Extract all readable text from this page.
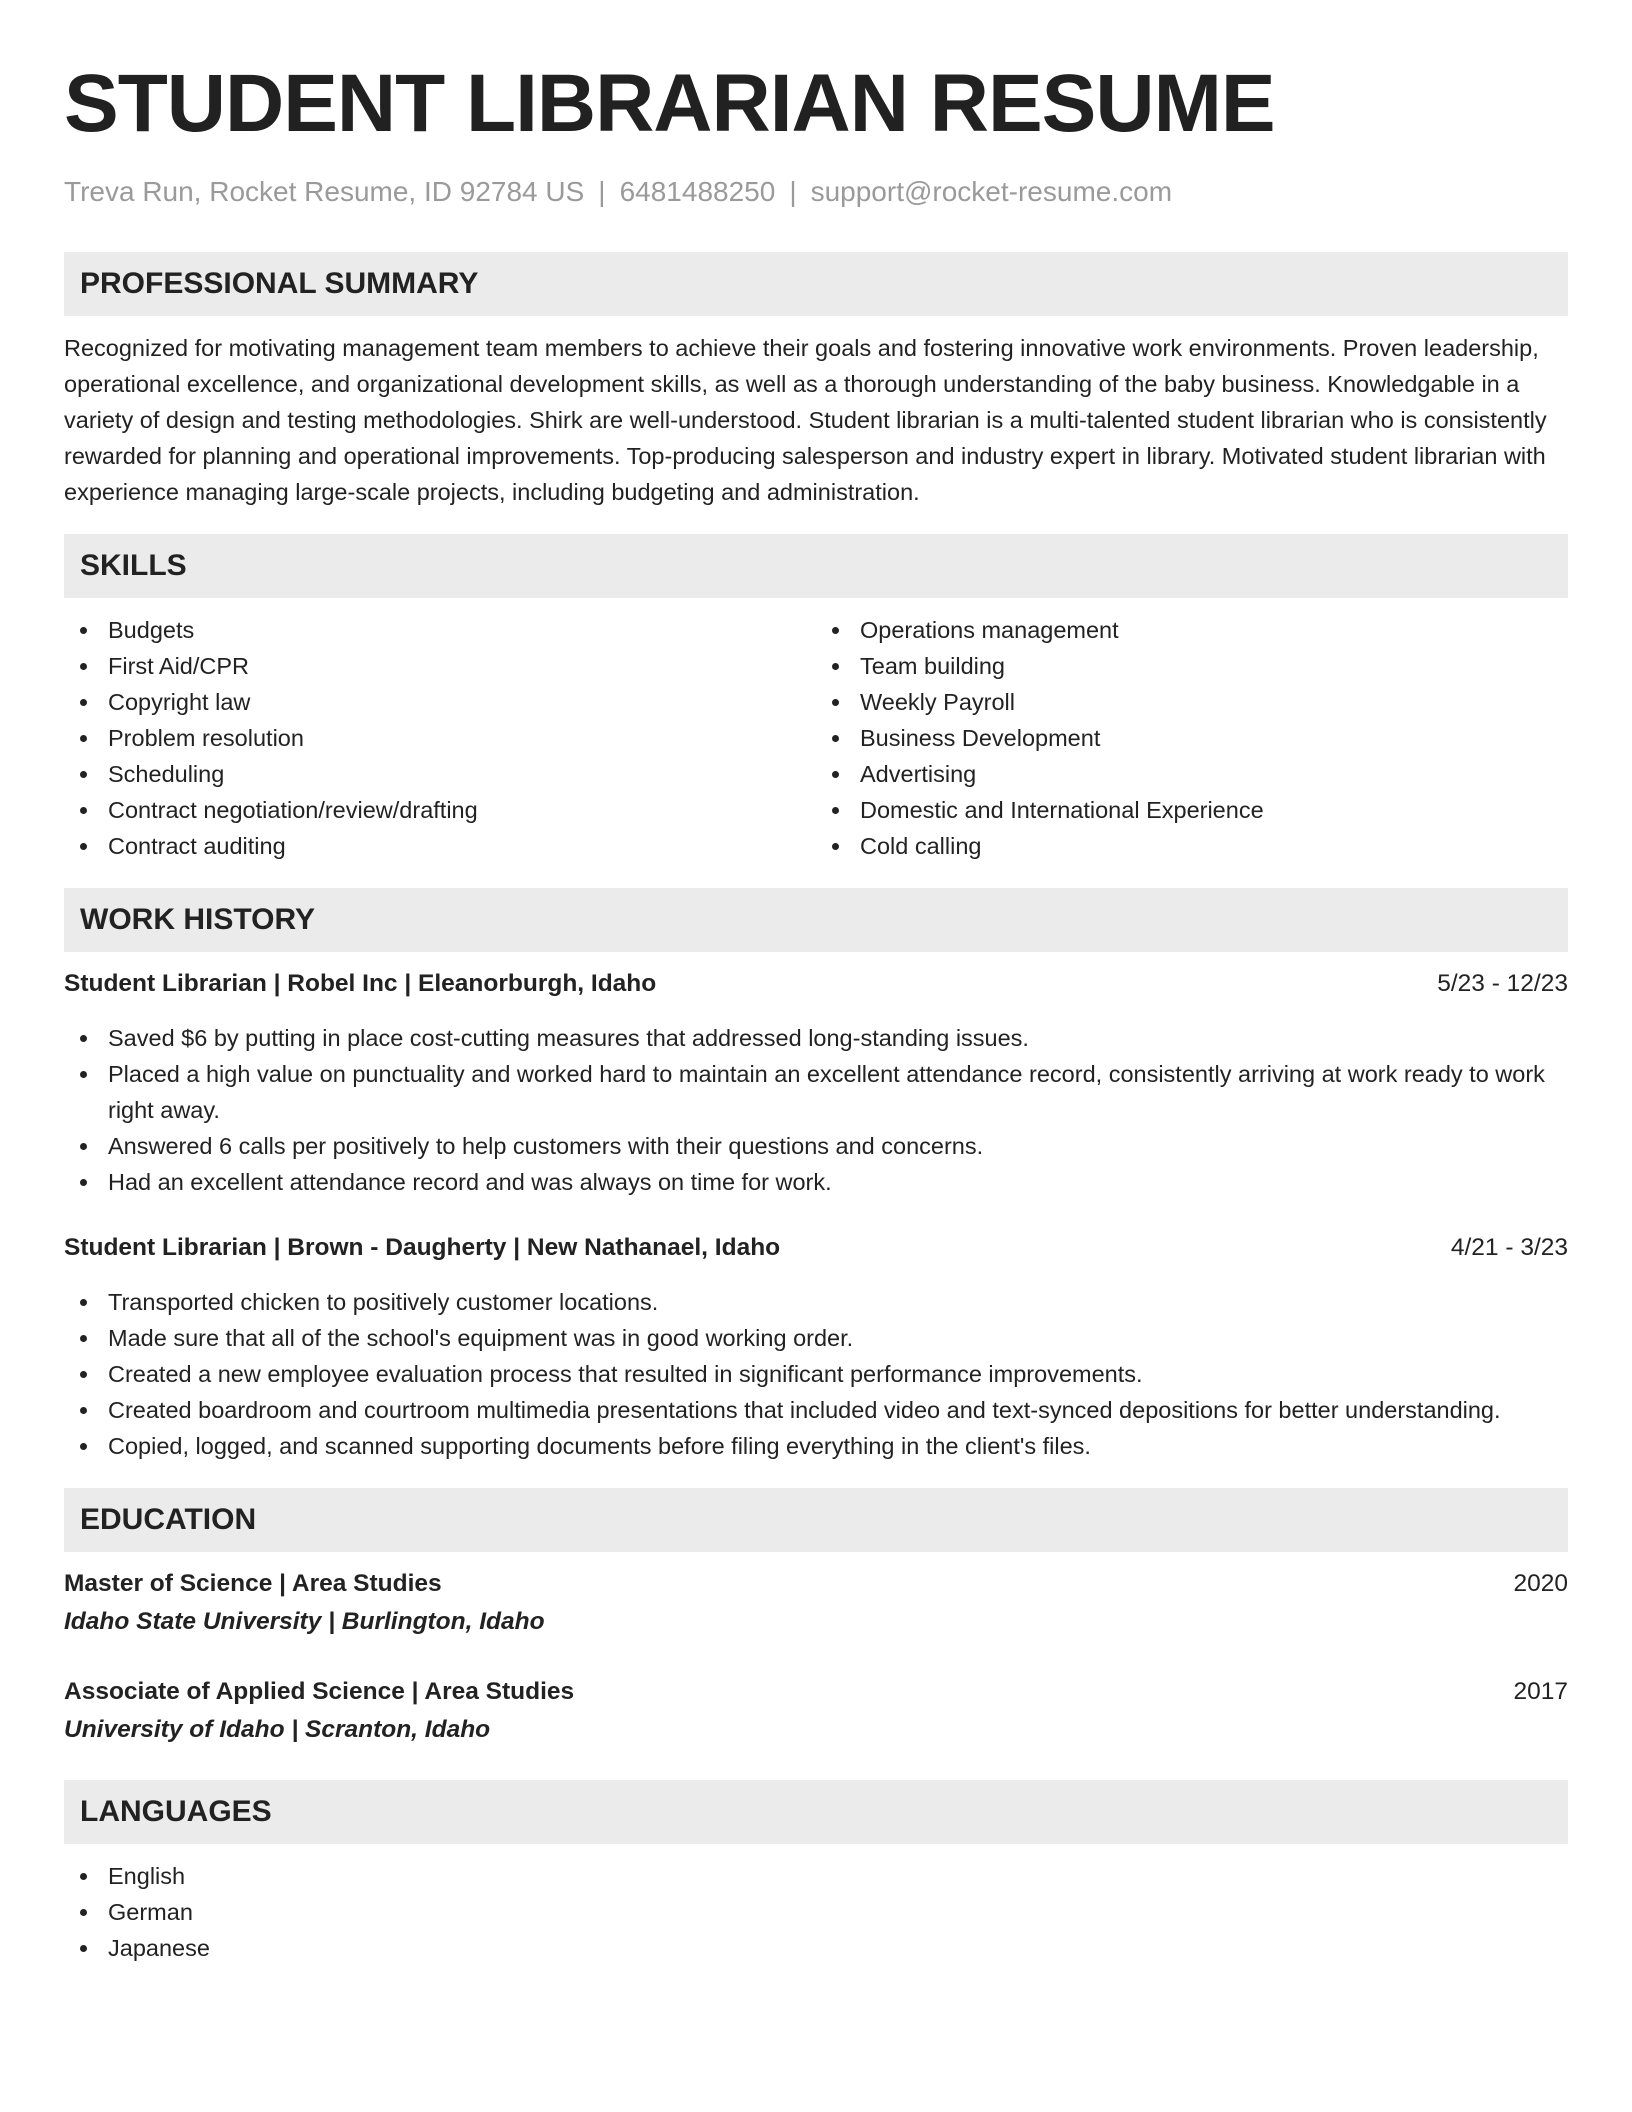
STUDENT LIBRARIAN RESUME
Treva Run, Rocket Resume, ID 92784 US | 6481488250 | support@rocket-resume.com
PROFESSIONAL SUMMARY

Recognized for motivating management team members to achieve their goals and fostering innovative work environments. Proven leadership, operational excellence, and organizational development skills, as well as a thorough understanding of the baby business. Knowledgable in a variety of design and testing methodologies. Shirk are well-understood. Student librarian is a multi-talented student librarian who is consistently rewarded for planning and operational improvements. Top-producing salesperson and industry expert in library. Motivated student librarian with experience managing large-scale projects, including budgeting and administration.

SKILLS
Budgets
First Aid/CPR
Copyright law
Problem resolution
Scheduling
Contract negotiation/review/drafting
Contract auditing
Operations management
Team building
Weekly Payroll
Business Development
Advertising
Domestic and International Experience
Cold calling
WORK HISTORY
Student Librarian | Robel Inc | Eleanorburgh, Idaho	5/23 - 12/23
Saved $6 by putting in place cost-cutting measures that addressed long-standing issues.
Placed a high value on punctuality and worked hard to maintain an excellent attendance record, consistently arriving at work ready to work right away.
Answered 6 calls per positively to help customers with their questions and concerns.
Had an excellent attendance record and was always on time for work.
Student Librarian | Brown - Daugherty | New Nathanael, Idaho	4/21 - 3/23
Transported chicken to positively customer locations.
Made sure that all of the school's equipment was in good working order.
Created a new employee evaluation process that resulted in significant performance improvements.
Created boardroom and courtroom multimedia presentations that included video and text-synced depositions for better understanding.
Copied, logged, and scanned supporting documents before filing everything in the client's files.
EDUCATION
Master of Science | Area Studies	2020
Idaho State University | Burlington, Idaho
Associate of Applied Science | Area Studies	2017
University of Idaho | Scranton, Idaho
LANGUAGES
English
German
Japanese
